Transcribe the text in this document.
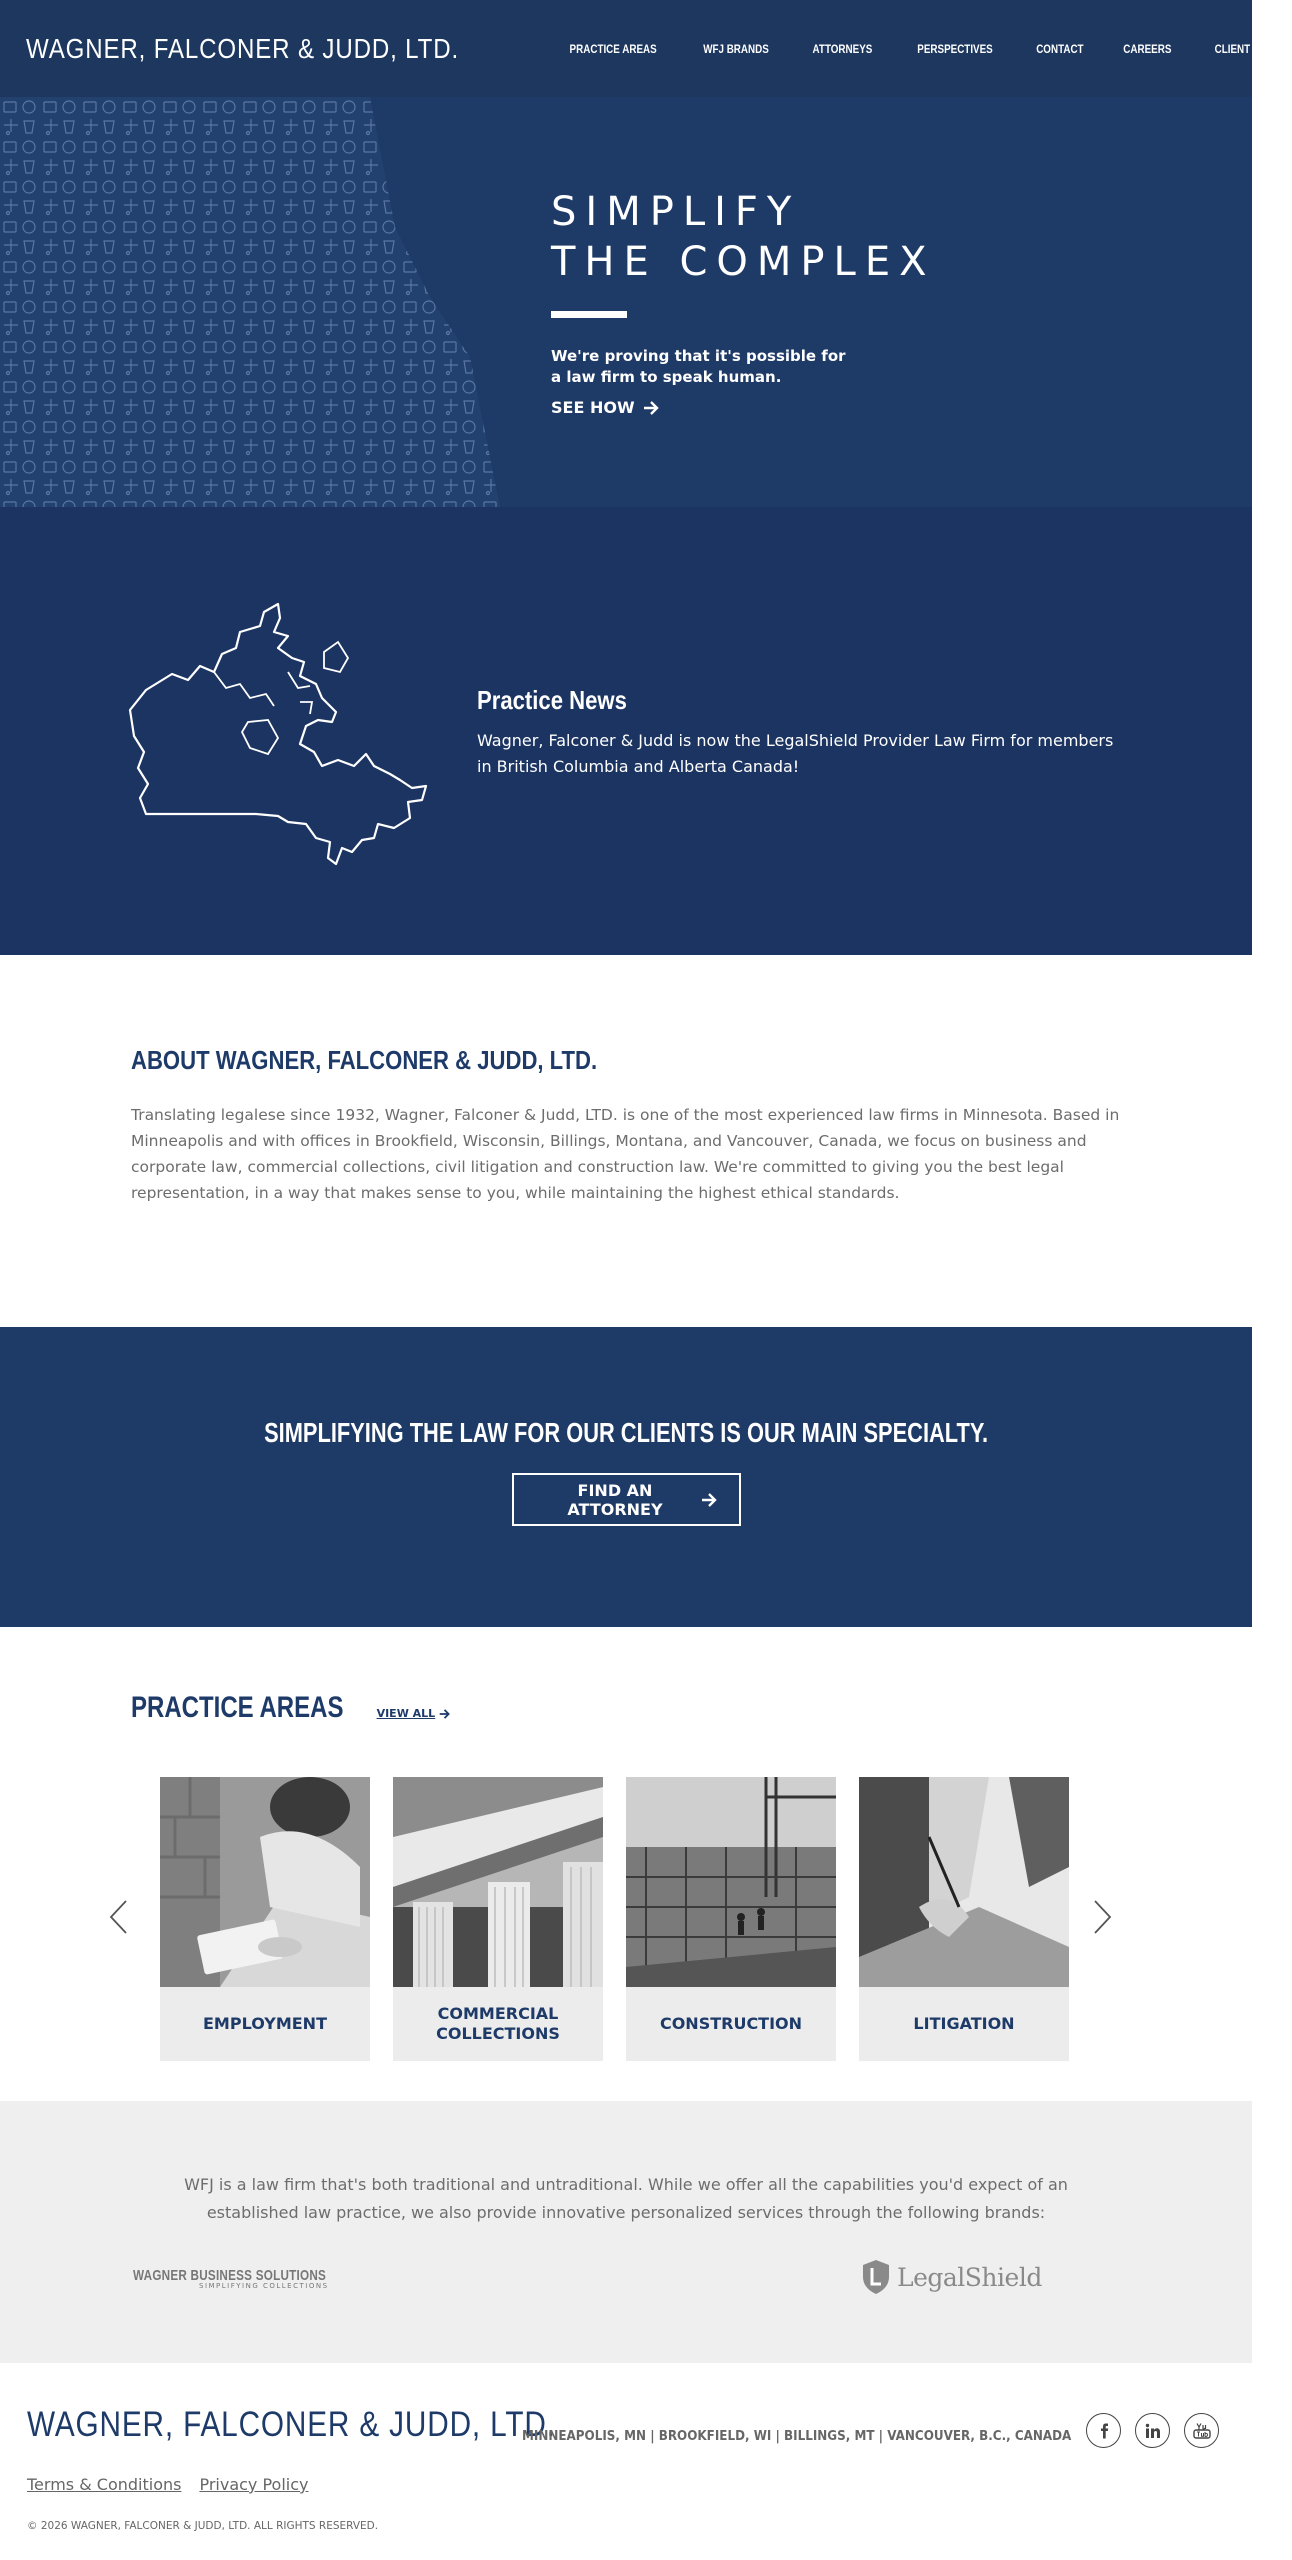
WAGNER, FALCONER & JUDD, LTD.	PRACTICE AREAS	WFJ BRANDS	ATTORNEYS	PERSPECTIVES	CONTACT	CAREERS	CLIENT LOGIN
SIMPLIFY
THE COMPLEX

We're proving that it's possible for a law firm to speak human.

SEE HOW
Practice News

Wagner, Falconer & Judd is now the LegalShield Provider Law Firm for members in British Columbia and Alberta Canada!

ABOUT WAGNER, FALCONER & JUDD, LTD.

Translating legalese since 1932, Wagner, Falconer & Judd, LTD. is one of the most experienced law firms in Minnesota. Based in Minneapolis and with offices in Brookfield, Wisconsin, Billings, Montana, and Vancouver, Canada, we focus on business and corporate law, commercial collections, civil litigation and construction law. We're committed to giving you the best legal representation, in a way that makes sense to you, while maintaining the highest ethical standards.

SIMPLIFYING THE LAW FOR OUR CLIENTS IS OUR MAIN SPECIALTY.
FIND AN ATTORNEY
PRACTICE AREAS	VIEW ALL
EMPLOYMENT
COMMERCIAL COLLECTIONS
CONSTRUCTION	LITIGATION

WFJ is a law firm that's both traditional and untraditional. While we offer all the capabilities you'd expect of an established law practice, we also provide innovative personalized services through the following brands:

WAGNER BUSINESS SOLUTIONS
SIMPLIFYING COLLECTIONS	LegalShield
WAGNER, FALCONER & JUDD, LTD.
MINNEAPOLIS, MN | BROOKFIELD, WI | BILLINGS, MT | VANCOUVER, B.C., CANADA
Terms & Conditions Privacy Policy
© 2026 WAGNER, FALCONER & JUDD, LTD. ALL RIGHTS RESERVED.
